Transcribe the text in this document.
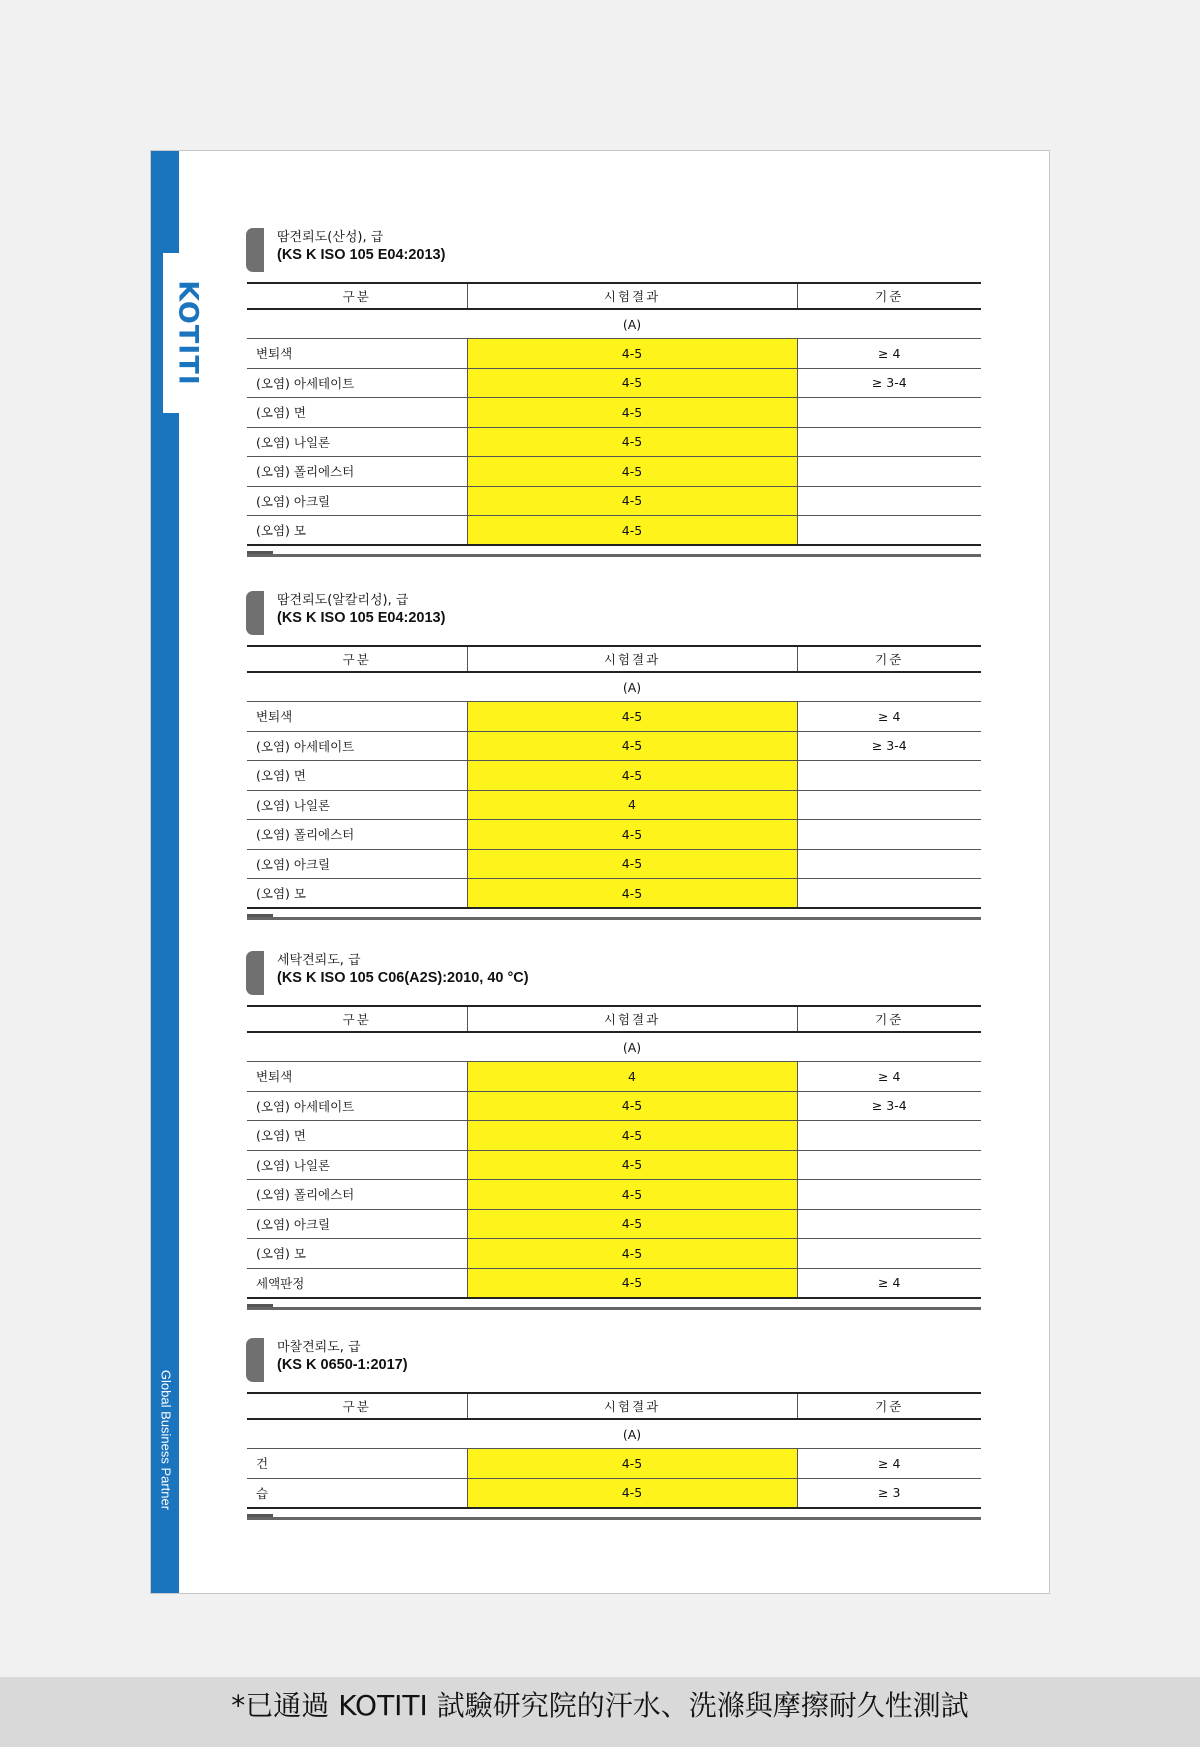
KOTITI
Global Business Partner
땀견뢰도(산성), 급
(KS K ISO 105 E04:2013)
구분	시험결과	기준
	(A)	
변퇴색	4-5	≥ 4
(오염) 아세테이트	4-5	≥ 3-4
(오염) 면	4-5	
(오염) 나일론	4-5	
(오염) 폴리에스터	4-5	
(오염) 아크릴	4-5	
(오염) 모	4-5	
땀견뢰도(알칼리성), 급
(KS K ISO 105 E04:2013)
구분	시험결과	기준
	(A)	
변퇴색	4-5	≥ 4
(오염) 아세테이트	4-5	≥ 3-4
(오염) 면	4-5	
(오염) 나일론	4	
(오염) 폴리에스터	4-5	
(오염) 아크릴	4-5	
(오염) 모	4-5	
세탁견뢰도, 급
(KS K ISO 105 C06(A2S):2010, 40 °C)
구분	시험결과	기준
	(A)	
변퇴색	4	≥ 4
(오염) 아세테이트	4-5	≥ 3-4
(오염) 면	4-5	
(오염) 나일론	4-5	
(오염) 폴리에스터	4-5	
(오염) 아크릴	4-5	
(오염) 모	4-5	
세액판정	4-5	≥ 4
마찰견뢰도, 급
(KS K 0650-1:2017)
구분	시험결과	기준
	(A)	
건	4-5	≥ 4
습	4-5	≥ 3
*已通過 KOTITI 試驗研究院的汗水、洗滌與摩擦耐久性測試
